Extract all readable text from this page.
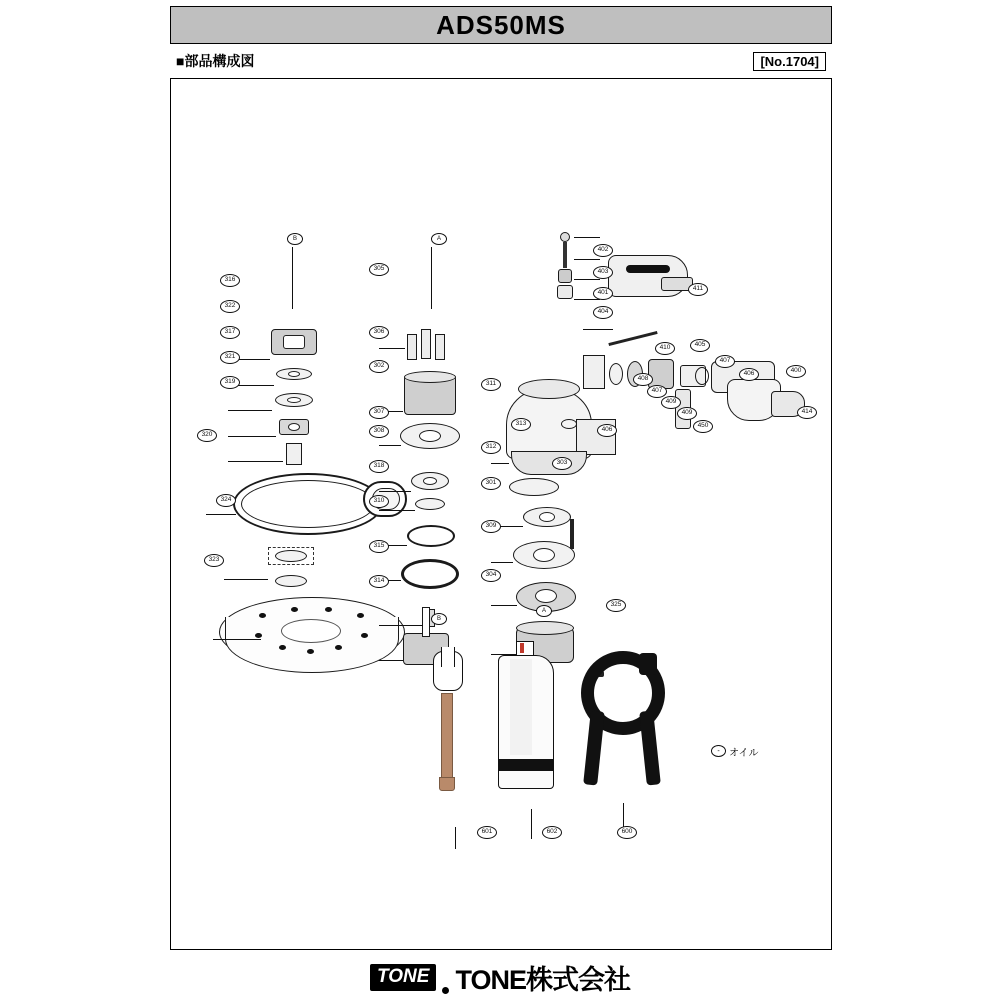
ADS50MS
■部品構成図	[No.1704]
- オイル
B	A
B
A
316
322
317
321
319
320
324
323
305
306
302
307
308
318
310
315
314
311
313
312
301
309
304
303
325
402
403
401
404
411
410	405
407
406	400
408
407
409
409
450
406
414
601	602	600
TONE TONE株式会社
